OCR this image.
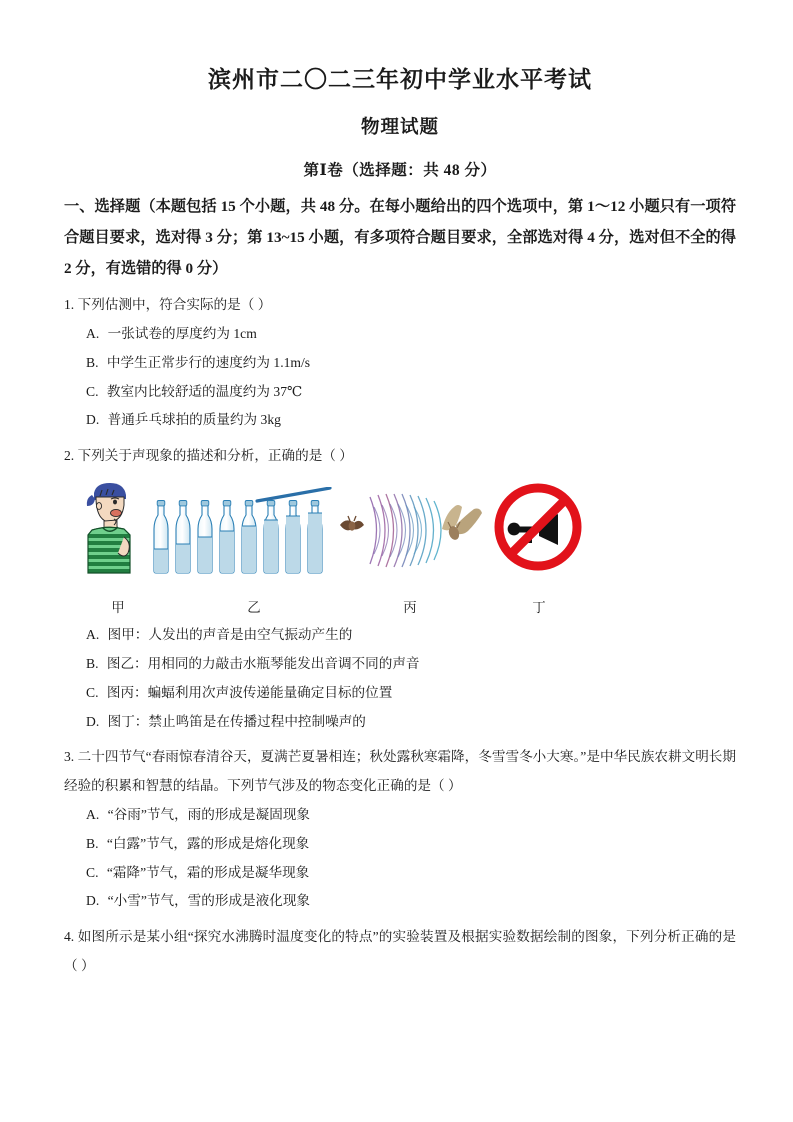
滨州市二〇二三年初中学业水平考试
物理试题
第Ⅰ卷（选择题：共 48 分）
一、选择题（本题包括 15 个小题，共 48 分。在每小题给出的四个选项中，第 1～12 小题只有一项符合题目要求，选对得 3 分；第 13~15 小题，有多项符合题目要求，全部选对得 4 分，选对但不全的得 2 分，有选错的得 0 分）
1. 下列估测中，符合实际的是（ ）
A. 一张试卷的厚度约为 1cm
B. 中学生正常步行的速度约为 1.1m/s
C. 教室内比较舒适的温度约为 37℃
D. 普通乒乓球拍的质量约为 3kg
2. 下列关于声现象的描述和分析，正确的是（ ）
甲	乙	丙	丁
A. 图甲：人发出的声音是由空气振动产生的
B. 图乙：用相同的力敲击水瓶琴能发出音调不同的声音
C. 图丙：蝙蝠利用次声波传递能量确定目标的位置
D. 图丁：禁止鸣笛是在传播过程中控制噪声的
3. 二十四节气“春雨惊春清谷天，夏满芒夏暑相连；秋处露秋寒霜降，冬雪雪冬小大寒。”是中华民族农耕文明长期经验的积累和智慧的结晶。下列节气涉及的物态变化正确的是（ ）
A. “谷雨”节气，雨的形成是凝固现象
B. “白露”节气，露的形成是熔化现象
C. “霜降”节气，霜的形成是凝华现象
D. “小雪”节气，雪的形成是液化现象
4. 如图所示是某小组“探究水沸腾时温度变化的特点”的实验装置及根据实验数据绘制的图象，下列分析正确的是（ ）
